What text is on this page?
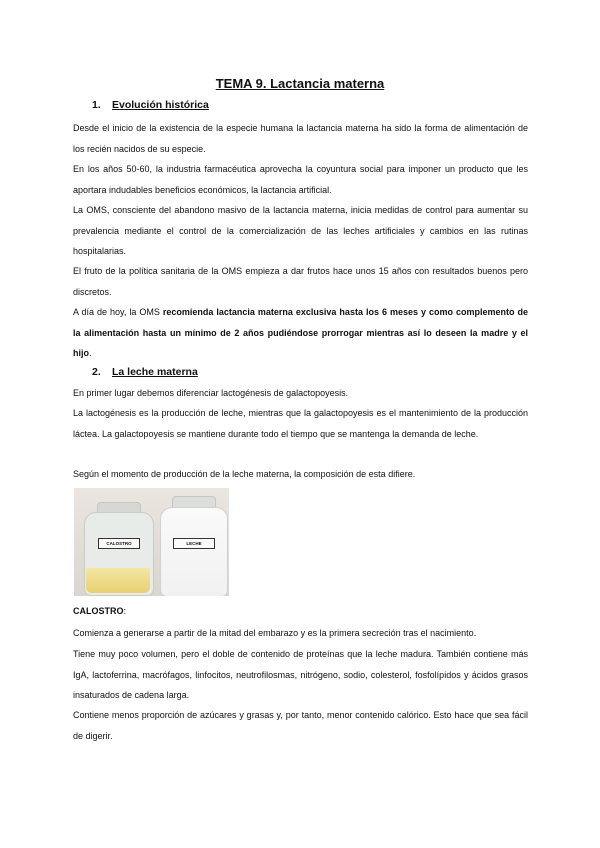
TEMA 9. Lactancia materna
1. Evolución histórica
Desde el inicio de la existencia de la especie humana la lactancia materna ha sido la forma de alimentación de los recién nacidos de su especie.
En los años 50-60, la industria farmacéutica aprovecha la coyuntura social para imponer un producto que les aportara indudables beneficios económicos, la lactancia artificial.
La OMS, consciente del abandono masivo de la lactancia materna, inicia medidas de control para aumentar su prevalencia mediante el control de la comercialización de las leches artificiales y cambios en las rutinas hospitalarias.
El fruto de la política sanitaria de la OMS empieza a dar frutos hace unos 15 años con resultados buenos pero discretos.
A día de hoy, la OMS recomienda lactancia materna exclusiva hasta los 6 meses y como complemento de la alimentación hasta un mínimo de 2 años pudiéndose prorrogar mientras así lo deseen la madre y el hijo.
2. La leche materna
En primer lugar debemos diferenciar lactogénesis de galactopoyesis.
La lactogénesis es la producción de leche, mientras que la galactopoyesis es el mantenimiento de la producción láctea. La galactopoyesis se mantiene durante todo el tiempo que se mantenga la demanda de leche.
Según el momento de producción de la leche materna, la composición de esta difiere.
CALOSTRO	LECHE
CALOSTRO:
Comienza a generarse a partir de la mitad del embarazo y es la primera secreción tras el nacimiento.
Tiene muy poco volumen, pero el doble de contenido de proteínas que la leche madura. También contiene más IgA, lactoferrina, macrófagos, linfocitos, neutrofilosmas, nitrógeno, sodio, colesterol, fosfolípidos y ácidos grasos insaturados de cadena larga.
Contiene menos proporción de azúcares y grasas y, por tanto, menor contenido calórico. Esto hace que sea fácil de digerir.
